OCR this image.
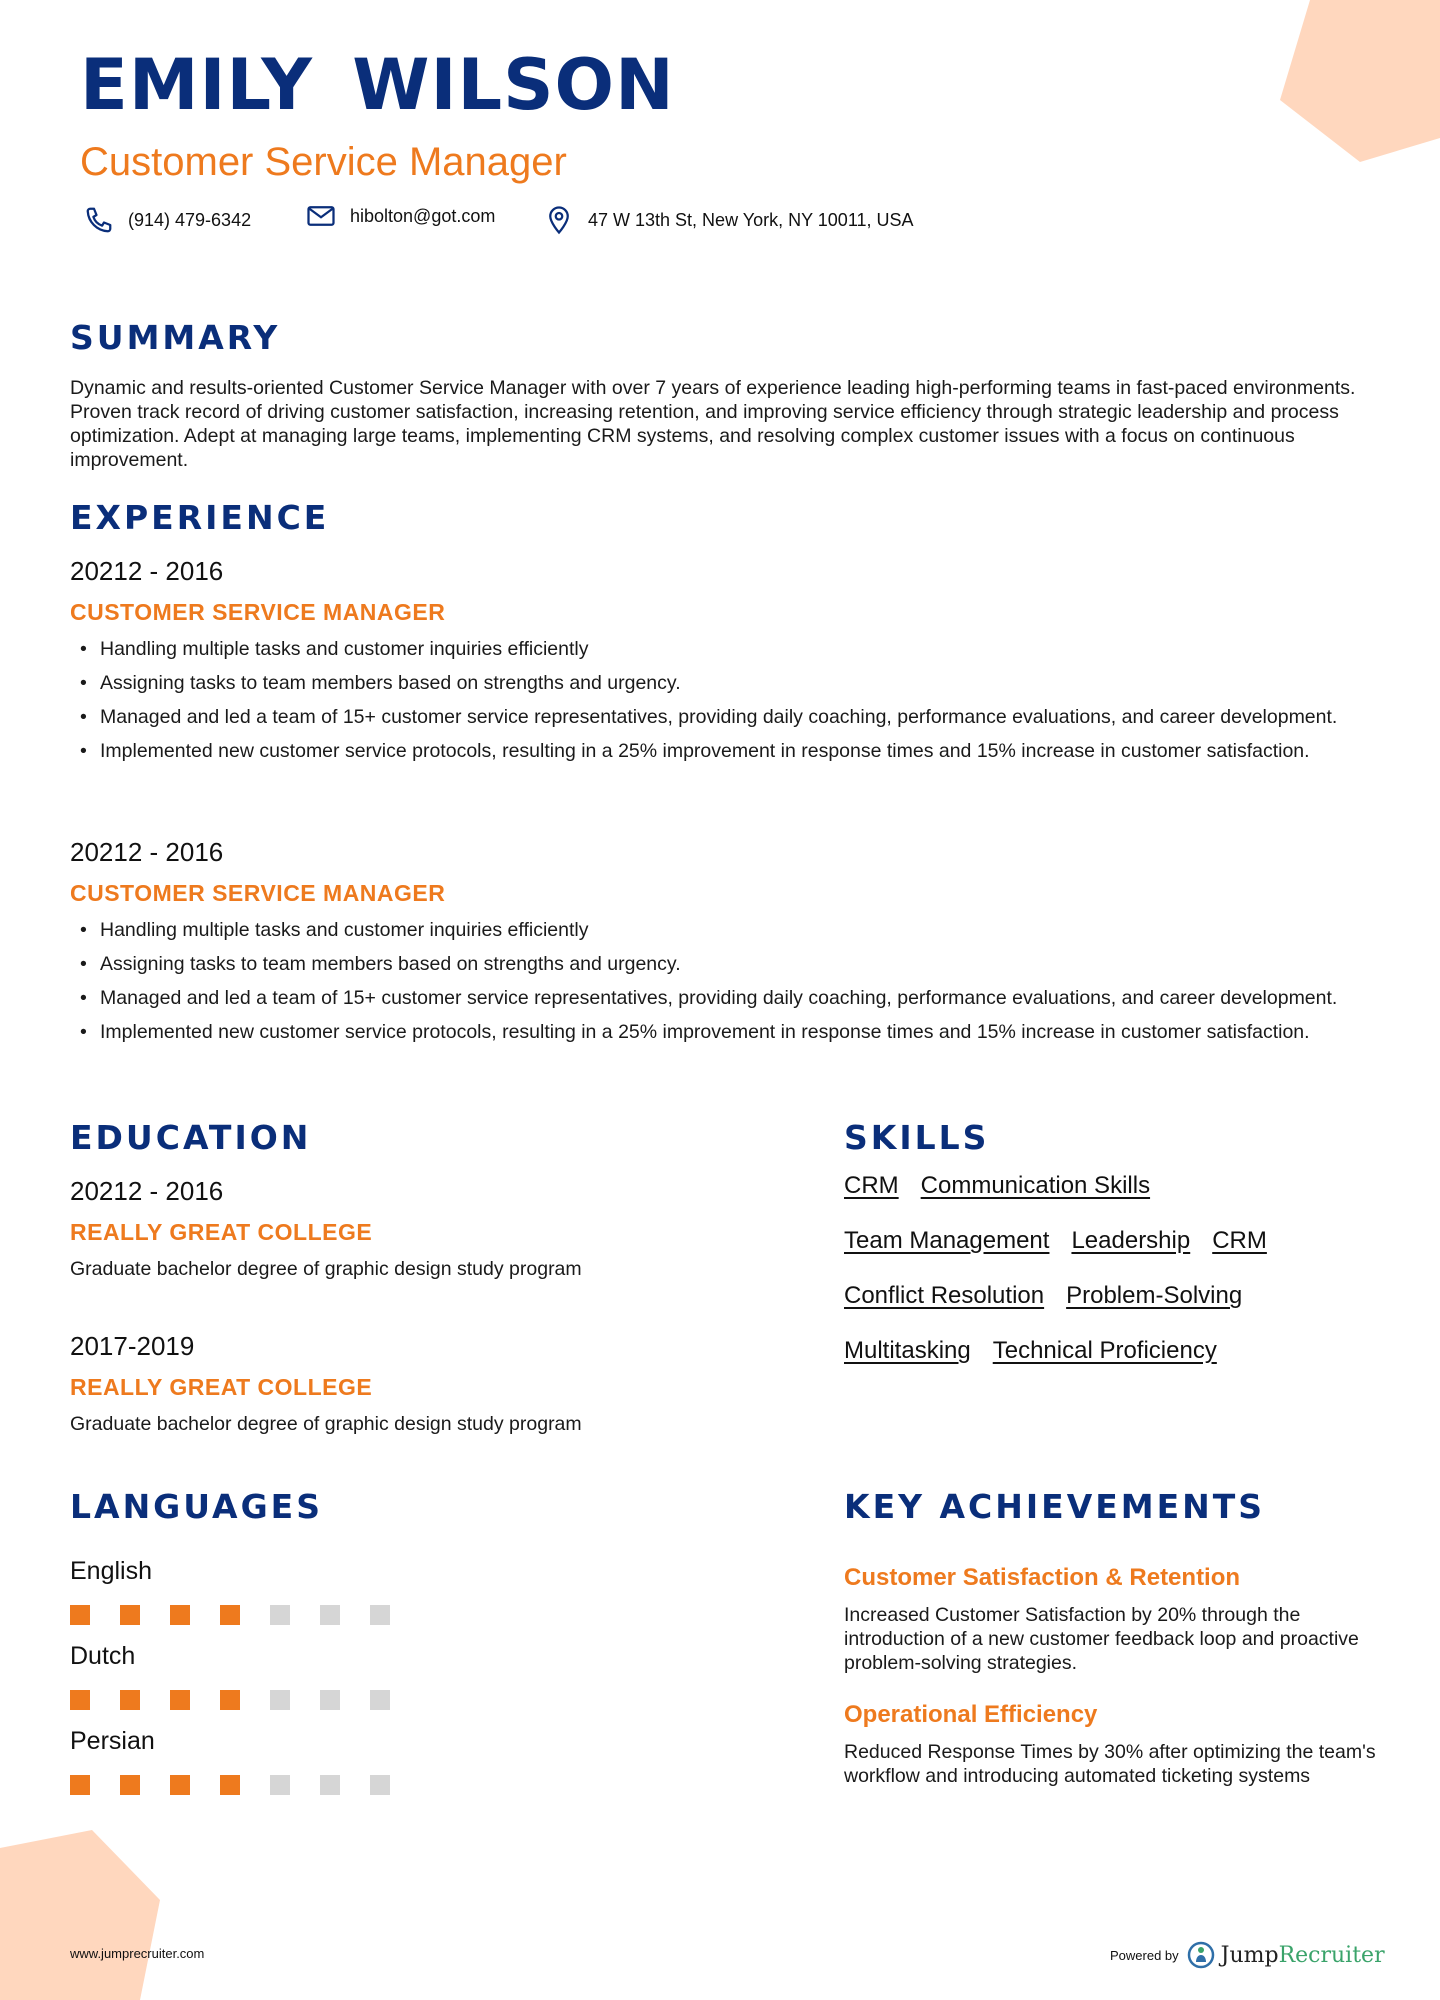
EMILY WILSON
Customer Service Manager
(914) 479-6342	hibolton@got.com	47 W 13th St, New York, NY 10011, USA
SUMMARY
Dynamic and results-oriented Customer Service Manager with over 7 years of experience leading high-performing teams in fast-paced environments. Proven track record of driving customer satisfaction, increasing retention, and improving service efficiency through strategic leadership and process optimization. Adept at managing large teams, implementing CRM systems, and resolving complex customer issues with a focus on continuous improvement.
EXPERIENCE
20212 - 2016
CUSTOMER SERVICE MANAGER
• Handling multiple tasks and customer inquiries efficiently
• Assigning tasks to team members based on strengths and urgency.
• Managed and led a team of 15+ customer service representatives, providing daily coaching, performance evaluations, and career development.
• Implemented new customer service protocols, resulting in a 25% improvement in response times and 15% increase in customer satisfaction.
20212 - 2016
CUSTOMER SERVICE MANAGER
• Handling multiple tasks and customer inquiries efficiently
• Assigning tasks to team members based on strengths and urgency.
• Managed and led a team of 15+ customer service representatives, providing daily coaching, performance evaluations, and career development.
• Implemented new customer service protocols, resulting in a 25% improvement in response times and 15% increase in customer satisfaction.
EDUCATION
20212 - 2016
REALLY GREAT COLLEGE
Graduate bachelor degree of graphic design study program
2017-2019
REALLY GREAT COLLEGE
Graduate bachelor degree of graphic design study program
SKILLS
CRM Communication Skills
Team Management Leadership CRM
Conflict Resolution Problem-Solving
Multitasking Technical Proficiency
LANGUAGES
English
Dutch
Persian
KEY ACHIEVEMENTS
Customer Satisfaction & Retention
Increased Customer Satisfaction by 20% through the introduction of a new customer feedback loop and proactive problem-solving strategies.
Operational Efficiency
Reduced Response Times by 30% after optimizing the team's workflow and introducing automated ticketing systems
www.jumprecruiter.com	Powered by JumpRecruiter
